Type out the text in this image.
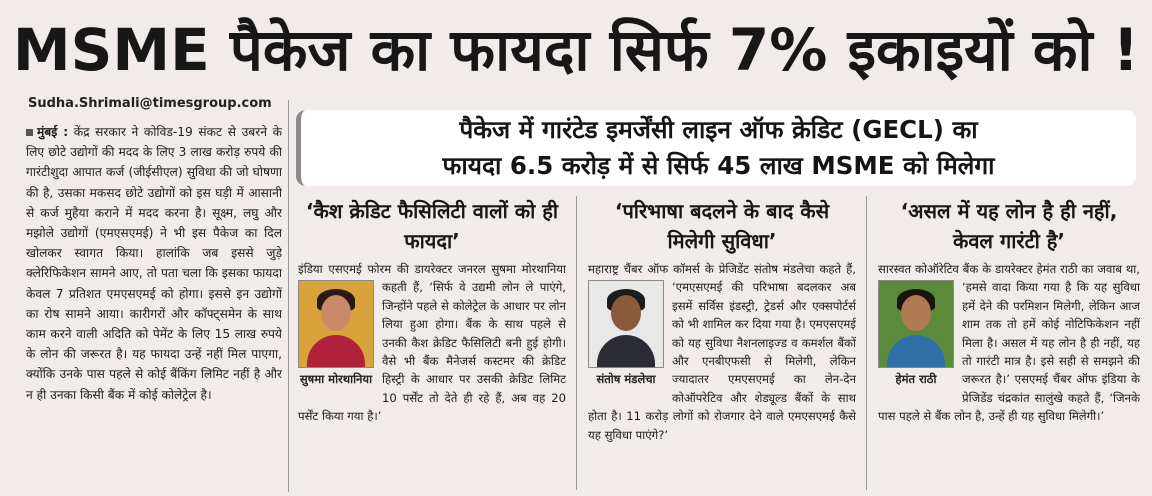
MSME पैकेज का फायदा सिर्फ 7% इकाइयों को !
Sudha.Shrimali@timesgroup.com
मुंबई : केंद्र सरकार ने कोविड-19 संकट से उबरने के लिए छोटे उद्योगों की मदद के लिए 3 लाख करोड़ रुपये की गारंटीशुदा आपात कर्ज (जीईसीएल) सुविधा की जो घोषणा की है, उसका मकसद छोटे उद्योगों को इस घड़ी में आसानी से कर्ज मुहैया कराने में मदद करना है। सूक्ष्म, लघु और मझोले उद्योगों (एमएसएमई) ने भी इस पैकेज का दिल खोलकर स्वागत किया। हालांकि जब इससे जुड़े क्लेरिफिकेशन सामने आए, तो पता चला कि इसका फायदा केवल 7 प्रतिशत एमएसएमई को होगा। इससे इन उद्योगों का रोष सामने आया। कारीगरों और कॉफ्ट्समेन के साथ काम करने वाली अदिति को पेमेंट के लिए 15 लाख रुपये के लोन की जरूरत है। यह फायदा उन्हें नहीं मिल पाएगा, क्योंकि उनके पास पहले से कोई बैंकिंग लिमिट नहीं है और न ही उनका किसी बैंक में कोई कोलेट्रेल है।
पैकेज में गारंटेड इमर्जेंसी लाइन ऑफ क्रेडिट (GECL) का
फायदा 6.5 करोड़ में से सिर्फ 45 लाख MSME को मिलेगा
‘कैश क्रेडिट फैसिलिटी वालों को ही फायदा’
इंडिया एसएमई फोरम की डायरेक्टर जनरल सुषमा मोरथानिया कहती हैं,
सुषमा मोरथानिया
‘सिर्फ वे उद्यमी लोन ले पाएंगे, जिन्होंने पहले से कोलेट्रेल के आधार पर लोन लिया हुआ होगा। बैंक के साथ पहले से उनकी कैश क्रेडिट फैसिलिटी बनी हुई होगी। वैसे भी बैंक मैनेजर्स कस्टमर की क्रेडिट हिस्ट्री के आधार पर उसकी क्रेडिट लिमिट 10 पर्सेंट तो देते ही रहे हैं, अब वह 20 पर्सेंट किया गया है।’
‘परिभाषा बदलने के बाद कैसे मिलेगी सुविधा’
महाराष्ट्र चैंबर ऑफ कॉमर्स के प्रेजिडेंट संतोष मंडलेचा कहते हैं,
संतोष मंडलेचा
‘एमएसएमई की परिभाषा बदलकर अब इसमें सर्विस इंडस्ट्री, ट्रेडर्स और एक्सपोर्टर्स को भी शामिल कर दिया गया है। एमएसएमई को यह सुविधा नैशनलाइज्ड व कमर्शल बैंकों और एनबीएफसी से मिलेगी, लेकिन ज्यादातर एमएसएमई का लेन-देन कोऑपरेटिव और शेड्यूल्ड बैंकों के साथ होता है। 11 करोड़ लोगों को रोजगार देने वाले एमएसएमई कैसे यह सुविधा पाएंगे?’
‘असल में यह लोन है ही नहीं, केवल गारंटी है’
सारस्वत कोऑरेटिव बैंक के डायरेक्टर हेमंत राठी का जवाब था,
हेमंत राठी
‘हमसे वादा किया गया है कि यह सुविधा हमें देने की परमिशन मिलेगी, लेकिन आज शाम तक तो हमें कोई नोटिफिकेशन नहीं मिला है। असल में यह लोन है ही नहीं, यह तो गारंटी मात्र है। इसे सही से समझने की जरूरत है।’ एसएमई चैंबर ऑफ इंडिया के प्रेजिडेंड चंद्रकांत सालुंखे कहते हैं, ‘जिनके पास पहले से बैंक लोन है, उन्हें ही यह सुविधा मिलेगी।’
